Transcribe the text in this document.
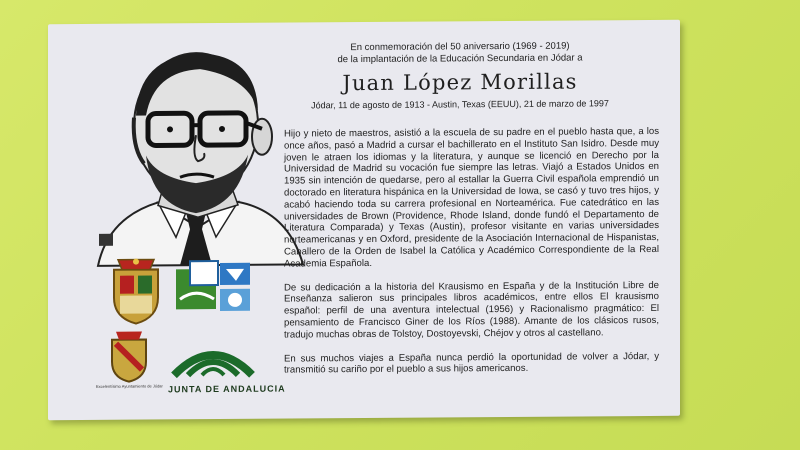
En conmemoración del 50 aniversario (1969 - 2019)
de la implantación de la Educación Secundaria en Jódar a
Juan López Morillas
Jódar, 11 de agosto de 1913 - Austin, Texas (EEUU), 21 de marzo de 1997

Hijo y nieto de maestros, asistió a la escuela de su padre en el pueblo hasta que, a los once años, pasó a Madrid a cursar el bachillerato en el Instituto San Isidro. Desde muy joven le atraen los idiomas y la literatura, y aunque se licenció en Derecho por la Universidad de Madrid su vocación fue siempre las letras. Viajó a Estados Unidos en 1935 sin intención de quedarse, pero al estallar la Guerra Civil española emprendió un doctorado en literatura hispánica en la Universidad de Iowa, se casó y tuvo tres hijos, y acabó haciendo toda su carrera profesional en Norteamérica. Fue catedrático en las universidades de Brown (Providence, Rhode Island, donde fundó el Departamento de Literatura Comparada) y Texas (Austin), profesor visitante en varias universidades norteamericanas y en Oxford, presidente de la Asociación Internacional de Hispanistas, Caballero de la Orden de Isabel la Católica y Académico Correspondiente de la Real Academia Española.

De su dedicación a la historia del Krausismo en España y de la Institución Libre de Enseñanza salieron sus principales libros académicos, entre ellos El krausismo español: perfil de una aventura intelectual (1956) y Racionalismo pragmático: El pensamiento de Francisco Giner de los Ríos (1988). Amante de los clásicos rusos, tradujo muchas obras de Tolstoy, Dostoyevski, Chéjov y otros al castellano.

En sus muchos viajes a España nunca perdió la oportunidad de volver a Jódar, y transmitió su cariño por el pueblo a sus hijos americanos.

Excelentísimo Ayuntamiento de Jódar JUNTA DE ANDALUCIA
